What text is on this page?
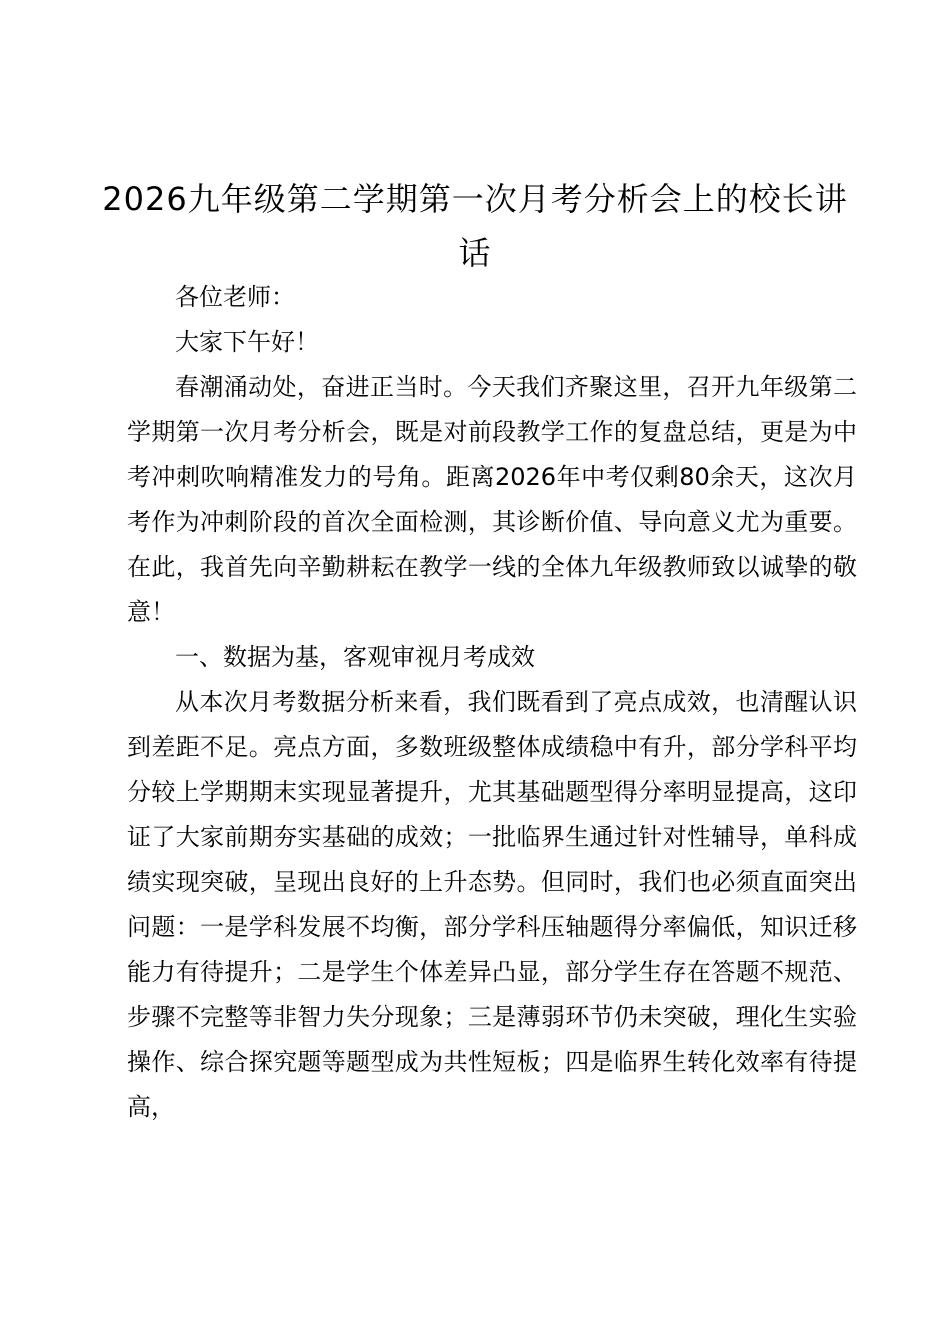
2026九年级第二学期第一次月考分析会上的校长讲话

各位老师：

大家下午好！

春潮涌动处，奋进正当时。今天我们齐聚这里，召开九年级第二学期第一次月考分析会，既是对前段教学工作的复盘总结，更是为中考冲刺吹响精准发力的号角。距离2026年中考仅剩80余天，这次月考作为冲刺阶段的首次全面检测，其诊断价值、导向意义尤为重要。在此，我首先向辛勤耕耘在教学一线的全体九年级教师致以诚挚的敬意！

一、数据为基，客观审视月考成效

从本次月考数据分析来看，我们既看到了亮点成效，也清醒认识到差距不足。亮点方面，多数班级整体成绩稳中有升，部分学科平均分较上学期期末实现显著提升，尤其基础题型得分率明显提高，这印证了大家前期夯实基础的成效；一批临界生通过针对性辅导，单科成绩实现突破，呈现出良好的上升态势。但同时，我们也必须直面突出问题：一是学科发展不均衡，部分学科压轴题得分率偏低，知识迁移能力有待提升；二是学生个体差异凸显，部分学生存在答题不规范、步骤不完整等非智力失分现象；三是薄弱环节仍未突破，理化生实验操作、综合探究题等题型成为共性短板；四是临界生转化效率有待提高，
